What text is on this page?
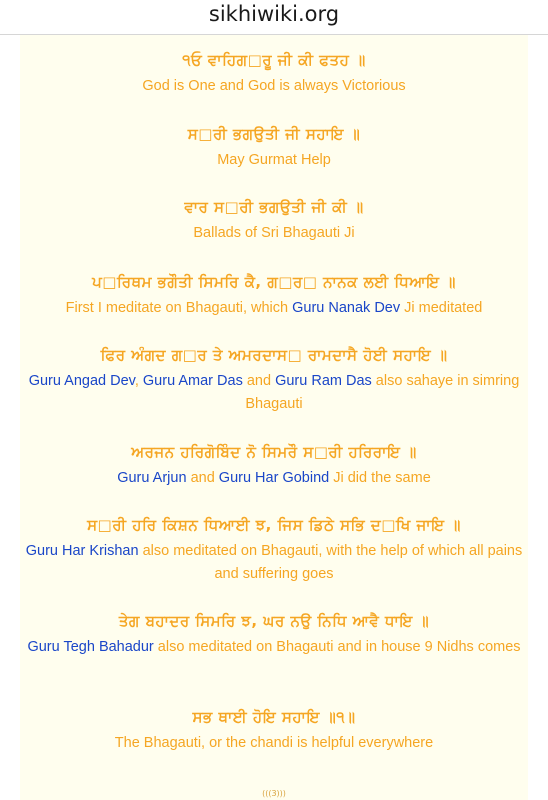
sikhiwiki.org
੧ਓ ਵਾਹਿਗ□ਰੂ ਜੀ ਕੀ ਫਤਹ ॥
God is One and God is always Victorious
ਸ□ਰੀ ਭਗਉਤੀ ਜੀ ਸਹਾਇ ॥
May Gurmat Help
ਵਾਰ ਸ□ਰੀ ਭਗਉਤੀ ਜੀ ਕੀ ॥
Ballads of Sri Bhagauti Ji
ਪ□ਰਿਥਮ ਭਗੌਤੀ ਸਿਮਰਿ ਕੈ, ਗ□ਰ□ ਨਾਨਕ ਲਈ ਧਿਆਇ ॥
First I meditate on Bhagauti, which Guru Nanak Dev Ji meditated
ਫਿਰ ਅੰਗਦ ਗ□ਰ ਤੇ ਅਮਰਦਾਸ□ ਰਾਮਦਾਸੈ ਹੋਈ ਸਹਾਇ ॥
Guru Angad Dev, Guru Amar Das and Guru Ram Das also sahaye in simring Bhagauti
ਅਰਜਨ ਹਰਿਗੋਬਿੰਦ ਨੋ ਸਿਮਰੌ ਸ□ਰੀ ਹਰਿਰਾਇ ॥
Guru Arjun and Guru Har Gobind Ji did the same
ਸ□ਰੀ ਹਰਿ ਕਿਸ਼ਨ ਧਿਆਈ ਝ, ਜਿਸ ਡਿਠੇ ਸਭਿ ਦ□ਖਿ ਜਾਇ ॥
Guru Har Krishan also meditated on Bhagauti, with the help of which all pains and suffering goes
ਤੇਗ ਬਹਾਦਰ ਸਿਮਰਿ ਝ, ਘਰ ਨਉ ਨਿਧਿ ਆਵੈ ਧਾਇ ॥
Guru Tegh Bahadur also meditated on Bhagauti and in house 9 Nidhs comes
ਸਭ ਥਾਈ ਹੋਇ ਸਹਾਇ ॥੧॥
The Bhagauti, or the chandi is helpful everywhere
(((3)))
